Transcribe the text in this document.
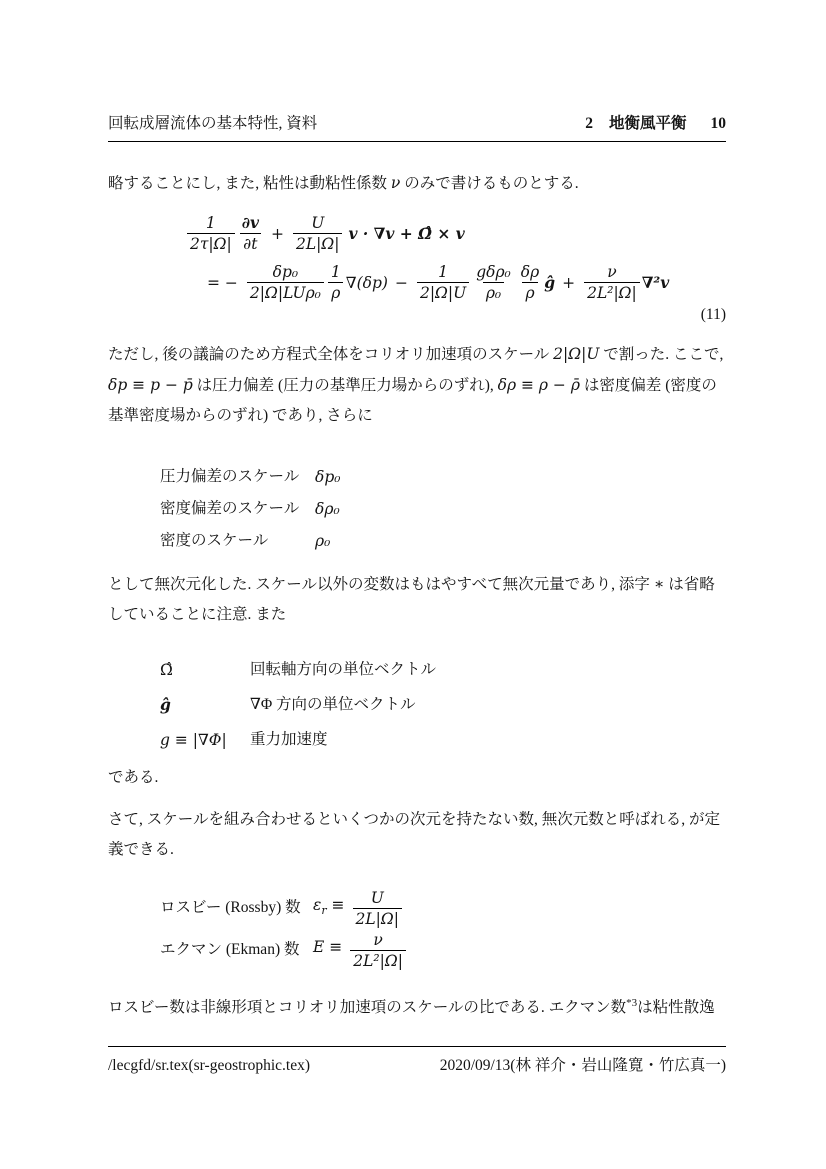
回転成層流体の基本特性, 資料	2 地衡風平衡 10

略することにし, また, 粘性は動粘性係数 ν のみで書けるものとする.

$\frac{1}{2\tau|\Omega|} \frac{\partial v}{\partial t} + \frac{U}{2L|\Omega|}$ v · ∇v + Ω̂ × v
= − $\frac{\text{δp₀}}{\text{2|Ω|LUρ₀}} \frac{1}{\rho} \nabla(\delta p) - \frac{1}{2|\Omega|U} \frac{\text{gδρ₀}}{\text{ρ₀}} \frac{\delta\rho}{\rho}$ ĝ + $\frac{\nu}{\text{2L²|Ω|}} \nabla^2v$
(11)

ただし, 後の議論のため方程式全体をコリオリ加速項のスケール 2|Ω|U で割った. ここで, δp ≡ p − p̄ は圧力偏差 (圧力の基準圧力場からのずれ), δρ ≡ ρ − ρ̄ は密度偏差 (密度の基準密度場からのずれ) であり, さらに

圧力偏差のスケール	δp₀
密度偏差のスケール	δρ₀
密度のスケール	ρ₀

として無次元化した. スケール以外の変数はもはやすべて無次元量であり, 添字 ∗ は省略していることに注意. また

Ω̂	回転軸方向の単位ベクトル
ĝ	∇Φ 方向の単位ベクトル
g ≡ |∇Φ|	重力加速度

である.

さて, スケールを組み合わせるといくつかの次元を持たない数, 無次元数と呼ばれる, が定義できる.

ロスビー (Rossby) 数 $\varepsilon_r \equiv \frac{U}{2L|\Omega|}$
エクマン (Ekman) 数 $E \equiv \frac{\nu}{\text{2L²|Ω|}}$

ロスビー数は非線形項とコリオリ加速項のスケールの比である. エクマン数$^{*3}$は粘性散逸

/lecgfd/sr.tex(sr-geostrophic.tex)	2020/09/13(林 祥介・岩山隆寛・竹広真一)
